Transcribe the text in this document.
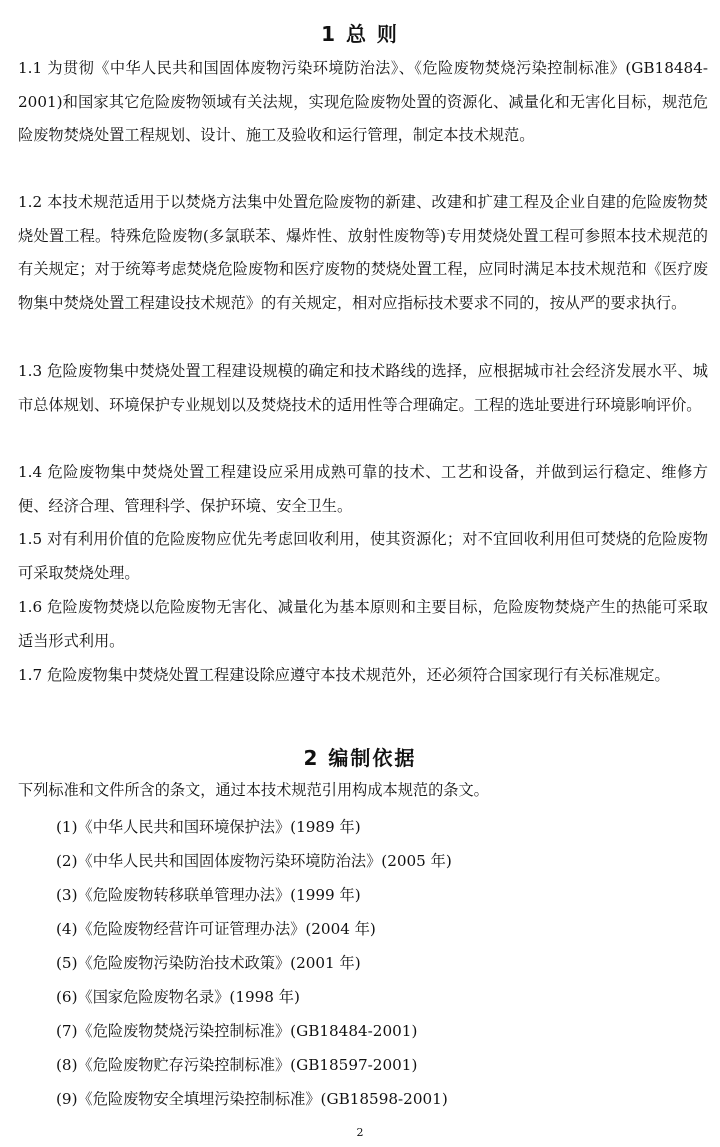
1 总 则

1.1 为贯彻《中华人民共和国固体废物污染环境防治法》、《危险废物焚烧污染控制标准》(GB18484-2001)和国家其它危险废物领域有关法规，实现危险废物处置的资源化、减量化和无害化目标，规范危险废物焚烧处置工程规划、设计、施工及验收和运行管理，制定本技术规范。

1.2 本技术规范适用于以焚烧方法集中处置危险废物的新建、改建和扩建工程及企业自建的危险废物焚烧处置工程。特殊危险废物(多氯联苯、爆炸性、放射性废物等)专用焚烧处置工程可参照本技术规范的有关规定；对于统筹考虑焚烧危险废物和医疗废物的焚烧处置工程，应同时满足本技术规范和《医疗废物集中焚烧处置工程建设技术规范》的有关规定，相对应指标技术要求不同的，按从严的要求执行。

1.3 危险废物集中焚烧处置工程建设规模的确定和技术路线的选择，应根据城市社会经济发展水平、城市总体规划、环境保护专业规划以及焚烧技术的适用性等合理确定。工程的选址要进行环境影响评价。

1.4 危险废物集中焚烧处置工程建设应采用成熟可靠的技术、工艺和设备，并做到运行稳定、维修方便、经济合理、管理科学、保护环境、安全卫生。

1.5 对有利用价值的危险废物应优先考虑回收利用，使其资源化；对不宜回收利用但可焚烧的危险废物可采取焚烧处理。

1.6 危险废物焚烧以危险废物无害化、减量化为基本原则和主要目标，危险废物焚烧产生的热能可采取适当形式利用。

1.7 危险废物集中焚烧处置工程建设除应遵守本技术规范外，还必须符合国家现行有关标准规定。

2 编制依据

下列标准和文件所含的条文，通过本技术规范引用构成本规范的条文。

(1)《中华人民共和国环境保护法》(1989 年)
(2)《中华人民共和国固体废物污染环境防治法》(2005 年)
(3)《危险废物转移联单管理办法》(1999 年)
(4)《危险废物经营许可证管理办法》(2004 年)
(5)《危险废物污染防治技术政策》(2001 年)
(6)《国家危险废物名录》(1998 年)
(7)《危险废物焚烧污染控制标准》(GB18484-2001)
(8)《危险废物贮存污染控制标准》(GB18597-2001)
(9)《危险废物安全填埋污染控制标准》(GB18598-2001)
2
